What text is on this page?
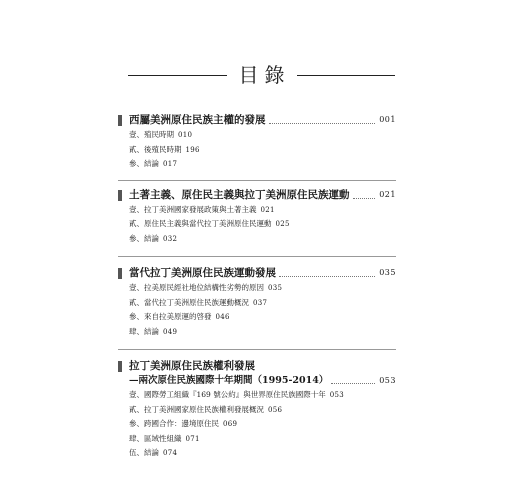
目錄
西屬美洲原住民族主權的發展	001
壹、殖民時期 010
貳、後殖民時期 196
參、結論 017
土著主義、原住民主義與拉丁美洲原住民族運動	021
壹、拉丁美洲國家發展政策與土著主義 021
貳、原住民主義與當代拉丁美洲原住民運動 025
參、結論 032
當代拉丁美洲原住民族運動發展	035
壹、拉美原民經社地位結構性劣勢的原因 035
貳、當代拉丁美洲原住民族運動概況 037
參、來自拉美原運的啓發 046
肆、結論 049
拉丁美洲原住民族權利發展
—兩次原住民族國際十年期間（1995-2014）	053
壹、國際勞工組織『169 號公約』與世界原住民族國際十年 053
貳、拉丁美洲國家原住民族權利發展概況 056
參、跨國合作：邊境原住民 069
肆、區域性組織 071
伍、結論 074
